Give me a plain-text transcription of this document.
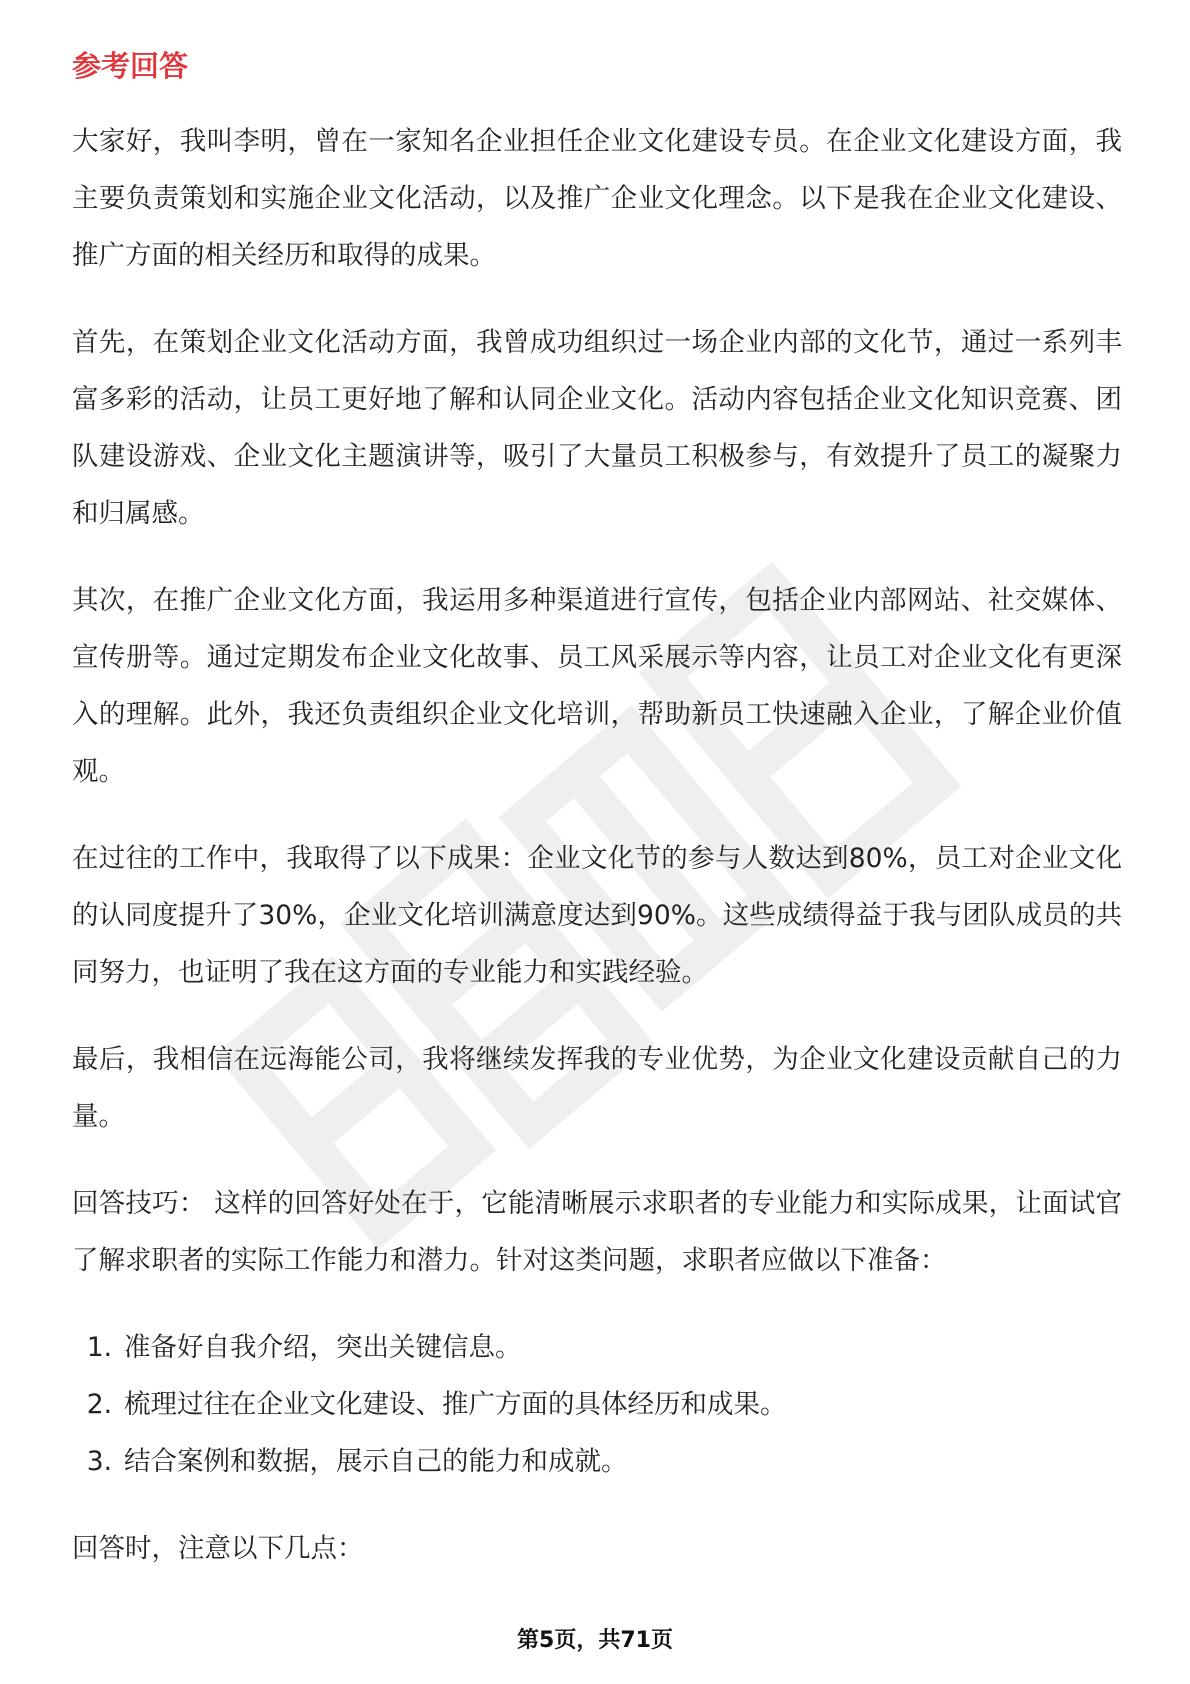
参考回答

大家好，我叫李明，曾在一家知名企业担任企业文化建设专员。在企业文化建设方面，我主要负责策划和实施企业文化活动，以及推广企业文化理念。以下是我在企业文化建设、推广方面的相关经历和取得的成果。

首先，在策划企业文化活动方面，我曾成功组织过一场企业内部的文化节，通过一系列丰富多彩的活动，让员工更好地了解和认同企业文化。活动内容包括企业文化知识竞赛、团队建设游戏、企业文化主题演讲等，吸引了大量员工积极参与，有效提升了员工的凝聚力和归属感。

其次，在推广企业文化方面，我运用多种渠道进行宣传，包括企业内部网站、社交媒体、宣传册等。通过定期发布企业文化故事、员工风采展示等内容，让员工对企业文化有更深入的理解。此外，我还负责组织企业文化培训，帮助新员工快速融入企业，了解企业价值观。

在过往的工作中，我取得了以下成果：企业文化节的参与人数达到80%，员工对企业文化的认同度提升了30%，企业文化培训满意度达到90%。这些成绩得益于我与团队成员的共同努力，也证明了我在这方面的专业能力和实践经验。

最后，我相信在远海能公司，我将继续发挥我的专业优势，为企业文化建设贡献自己的力量。

回答技巧： 这样的回答好处在于，它能清晰展示求职者的专业能力和实际成果，让面试官了解求职者的实际工作能力和潜力。针对这类问题，求职者应做以下准备：

1. 准备好自我介绍，突出关键信息。
2. 梳理过往在企业文化建设、推广方面的具体经历和成果。
3. 结合案例和数据，展示自己的能力和成就。

回答时，注意以下几点：

第5页，共71页
